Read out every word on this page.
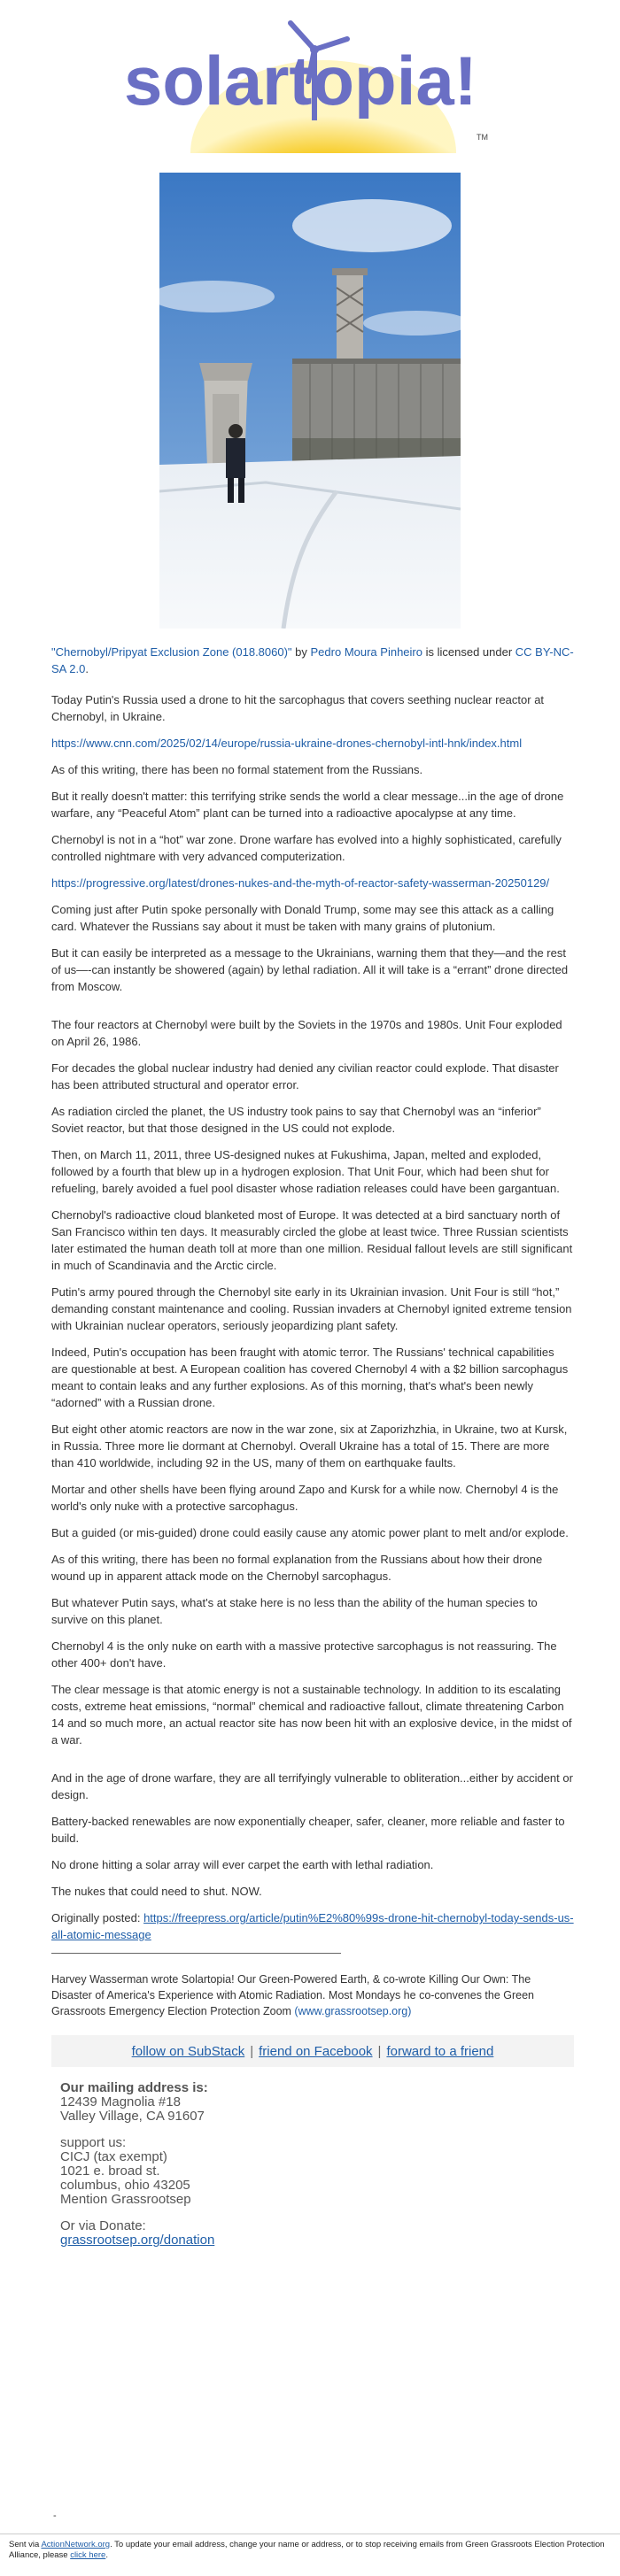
solartopia!
TM

"Chernobyl/Pripyat Exclusion Zone (018.8060)" by Pedro Moura Pinheiro is licensed under CC BY-NC-SA 2.0.

Today Putin's Russia used a drone to hit the sarcophagus that covers seething nuclear reactor at Chernobyl, in Ukraine.

https://www.cnn.com/2025/02/14/europe/russia-ukraine-drones-chernobyl-intl-hnk/index.html

As of this writing, there has been no formal statement from the Russians.

But it really doesn't matter: this terrifying strike sends the world a clear message...in the age of drone warfare, any “Peaceful Atom” plant can be turned into a radioactive apocalypse at any time.

Chernobyl is not in a “hot” war zone. Drone warfare has evolved into a highly sophisticated, carefully controlled nightmare with very advanced computerization.

https://progressive.org/latest/drones-nukes-and-the-myth-of-reactor-safety-wasserman-20250129/

Coming just after Putin spoke personally with Donald Trump, some may see this attack as a calling card. Whatever the Russians say about it must be taken with many grains of plutonium.

But it can easily be interpreted as a message to the Ukrainians, warning them that they—and the rest of us—-can instantly be showered (again) by lethal radiation. All it will take is a “errant” drone directed from Moscow.

The four reactors at Chernobyl were built by the Soviets in the 1970s and 1980s. Unit Four exploded on April 26, 1986.

For decades the global nuclear industry had denied any civilian reactor could explode. That disaster has been attributed structural and operator error.

As radiation circled the planet, the US industry took pains to say that Chernobyl was an “inferior” Soviet reactor, but that those designed in the US could not explode.

Then, on March 11, 2011, three US-designed nukes at Fukushima, Japan, melted and exploded, followed by a fourth that blew up in a hydrogen explosion. That Unit Four, which had been shut for refueling, barely avoided a fuel pool disaster whose radiation releases could have been gargantuan.

Chernobyl's radioactive cloud blanketed most of Europe. It was detected at a bird sanctuary north of San Francisco within ten days. It measurably circled the globe at least twice. Three Russian scientists later estimated the human death toll at more than one million. Residual fallout levels are still significant in much of Scandinavia and the Arctic circle.

Putin's army poured through the Chernobyl site early in its Ukrainian invasion. Unit Four is still “hot,” demanding constant maintenance and cooling. Russian invaders at Chernobyl ignited extreme tension with Ukrainian nuclear operators, seriously jeopardizing plant safety.

Indeed, Putin's occupation has been fraught with atomic terror. The Russians' technical capabilities are questionable at best. A European coalition has covered Chernobyl 4 with a $2 billion sarcophagus meant to contain leaks and any further explosions. As of this morning, that's what's been newly “adorned” with a Russian drone.

But eight other atomic reactors are now in the war zone, six at Zaporizhzhia, in Ukraine, two at Kursk, in Russia. Three more lie dormant at Chernobyl. Overall Ukraine has a total of 15. There are more than 410 worldwide, including 92 in the US, many of them on earthquake faults.

Mortar and other shells have been flying around Zapo and Kursk for a while now. Chernobyl 4 is the world's only nuke with a protective sarcophagus.

But a guided (or mis-guided) drone could easily cause any atomic power plant to melt and/or explode.

As of this writing, there has been no formal explanation from the Russians about how their drone wound up in apparent attack mode on the Chernobyl sarcophagus.

But whatever Putin says, what's at stake here is no less than the ability of the human species to survive on this planet.

Chernobyl 4 is the only nuke on earth with a massive protective sarcophagus is not reassuring. The other 400+ don't have.

The clear message is that atomic energy is not a sustainable technology. In addition to its escalating costs, extreme heat emissions, “normal” chemical and radioactive fallout, climate threatening Carbon 14 and so much more, an actual reactor site has now been hit with an explosive device, in the midst of a war.

And in the age of drone warfare, they are all terrifyingly vulnerable to obliteration...either by accident or design.

Battery-backed renewables are now exponentially cheaper, safer, cleaner, more reliable and faster to build.

No drone hitting a solar array will ever carpet the earth with lethal radiation.

The nukes that could need to shut. NOW.

Originally posted: https://freepress.org/article/putin%E2%80%99s-drone-hit-chernobyl-today-sends-us-all-atomic-message

Harvey Wasserman wrote Solartopia! Our Green-Powered Earth, & co-wrote Killing Our Own: The Disaster of America's Experience with Atomic Radiation. Most Mondays he co-convenes the Green Grassroots Emergency Election Protection Zoom (www.grassrootsep.org)

follow on SubStack | friend on Facebook | forward to a friend
Our mailing address is:
12439 Magnolia #18
Valley Village, CA 91607
support us:
CICJ (tax exempt)
1021 e. broad st.
columbus, ohio 43205
Mention Grassrootsep
Or via Donate:
grassrootsep.org/donation
-
Sent via ActionNetwork.org. To update your email address, change your name or address, or to stop receiving emails from Green Grassroots Election Protection Alliance, please click here.
